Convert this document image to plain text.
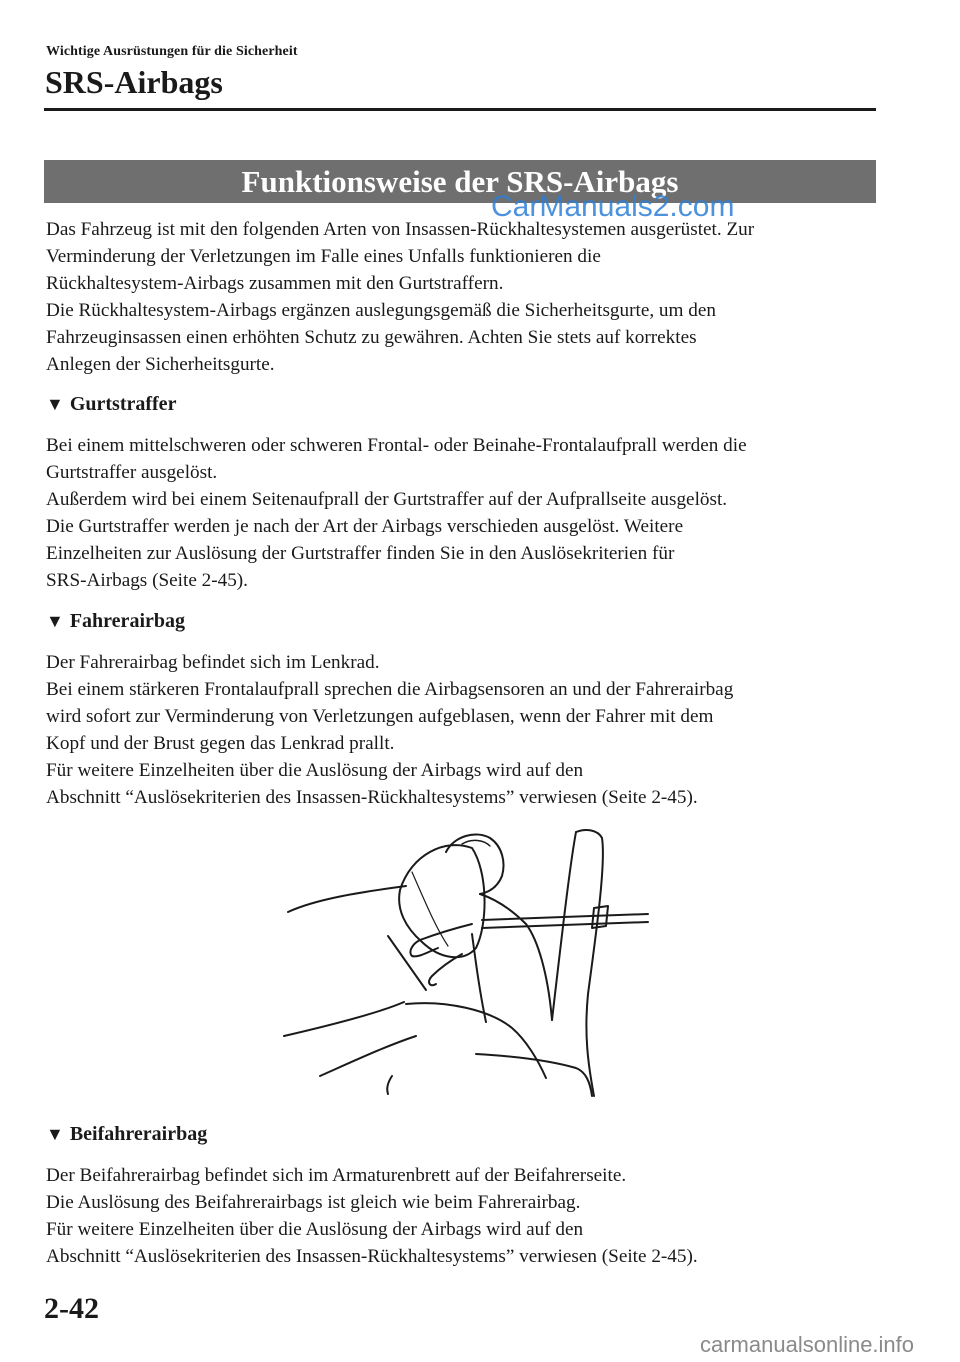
Wichtige Ausrüstungen für die Sicherheit
SRS-Airbags
Funktionsweise der SRS-Airbags
CarManuals2.com
Das Fahrzeug ist mit den folgenden Arten von Insassen-Rückhaltesystemen ausgerüstet. Zur
Verminderung der Verletzungen im Falle eines Unfalls funktionieren die
Rückhaltesystem-Airbags zusammen mit den Gurtstraffern.
Die Rückhaltesystem-Airbags ergänzen auslegungsgemäß die Sicherheitsgurte, um den
Fahrzeuginsassen einen erhöhten Schutz zu gewähren. Achten Sie stets auf korrektes
Anlegen der Sicherheitsgurte.
▼ Gurtstraffer
Bei einem mittelschweren oder schweren Frontal- oder Beinahe-Frontalaufprall werden die
Gurtstraffer ausgelöst.
Außerdem wird bei einem Seitenaufprall der Gurtstraffer auf der Aufprallseite ausgelöst.
Die Gurtstraffer werden je nach der Art der Airbags verschieden ausgelöst. Weitere
Einzelheiten zur Auslösung der Gurtstraffer finden Sie in den Auslösekriterien für
SRS-Airbags (Seite 2-45).
▼ Fahrerairbag
Der Fahrerairbag befindet sich im Lenkrad.
Bei einem stärkeren Frontalaufprall sprechen die Airbagsensoren an und der Fahrerairbag
wird sofort zur Verminderung von Verletzungen aufgeblasen, wenn der Fahrer mit dem
Kopf und der Brust gegen das Lenkrad prallt.
Für weitere Einzelheiten über die Auslösung der Airbags wird auf den
Abschnitt “Auslösekriterien des Insassen-Rückhaltesystems” verwiesen (Seite 2-45).
▼ Beifahrerairbag
Der Beifahrerairbag befindet sich im Armaturenbrett auf der Beifahrerseite.
Die Auslösung des Beifahrerairbags ist gleich wie beim Fahrerairbag.
Für weitere Einzelheiten über die Auslösung der Airbags wird auf den
Abschnitt “Auslösekriterien des Insassen-Rückhaltesystems” verwiesen (Seite 2-45).
2-42
carmanualsonline.info
